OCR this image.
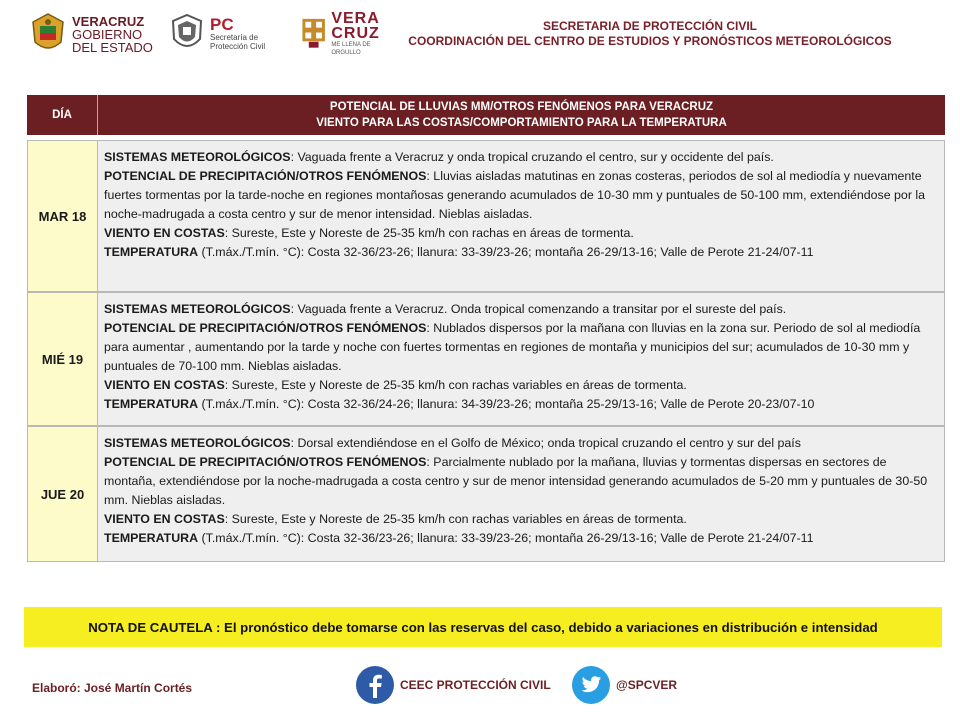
VERACRUZ
GOBIERNO
DEL ESTADO
PC
Secretaría de
Protección Civil
VERA
CRUZ
ME LLENA DE ORGULLO
SECRETARIA DE PROTECCIÓN CIVIL
COORDINACIÓN DEL CENTRO DE ESTUDIOS Y PRONÓSTICOS METEOROLÓGICOS
DÍA
POTENCIAL DE LLUVIAS MM/OTROS FENÓMENOS PARA VERACRUZ
VIENTO PARA LAS COSTAS/COMPORTAMIENTO PARA LA TEMPERATURA
MAR 18

SISTEMAS METEOROLÓGICOS: Vaguada frente a Veracruz y onda tropical cruzando el centro, sur y occidente del país.

POTENCIAL DE PRECIPITACIÓN/OTROS FENÓMENOS: Lluvias aisladas matutinas en zonas costeras, periodos de sol al mediodía y nuevamente fuertes tormentas por la tarde-noche en regiones montañosas generando acumulados de 10-30 mm y puntuales de 50-100 mm, extendiéndose por la noche-madrugada a costa centro y sur de menor intensidad. Nieblas aisladas.

VIENTO EN COSTAS: Sureste, Este y Noreste de 25-35 km/h con rachas en áreas de tormenta.

TEMPERATURA (T.máx./T.mín. °C): Costa 32-36/23-26; llanura: 33-39/23-26; montaña 26-29/13-16; Valle de Perote 21-24/07-11

MIÉ 19

SISTEMAS METEOROLÓGICOS: Vaguada frente a Veracruz. Onda tropical comenzando a transitar por el sureste del país.

POTENCIAL DE PRECIPITACIÓN/OTROS FENÓMENOS: Nublados dispersos por la mañana con lluvias en la zona sur. Periodo de sol al mediodía para aumentar , aumentando por la tarde y noche con fuertes tormentas en regiones de montaña y municipios del sur; acumulados de 10-30 mm y puntuales de 70-100 mm. Nieblas aisladas.

VIENTO EN COSTAS: Sureste, Este y Noreste de 25-35 km/h con rachas variables en áreas de tormenta.

TEMPERATURA (T.máx./T.mín. °C): Costa 32-36/24-26; llanura: 34-39/23-26; montaña 25-29/13-16; Valle de Perote 20-23/07-10

JUE 20

SISTEMAS METEOROLÓGICOS: Dorsal extendiéndose en el Golfo de México; onda tropical cruzando el centro y sur del país

POTENCIAL DE PRECIPITACIÓN/OTROS FENÓMENOS: Parcialmente nublado por la mañana, lluvias y tormentas dispersas en sectores de montaña, extendiéndose por la noche-madrugada a costa centro y sur de menor intensidad generando acumulados de 5-20 mm y puntuales de 30-50 mm. Nieblas aisladas.

VIENTO EN COSTAS: Sureste, Este y Noreste de 25-35 km/h con rachas variables en áreas de tormenta.

TEMPERATURA (T.máx./T.mín. °C): Costa 32-36/23-26; llanura: 33-39/23-26; montaña 26-29/13-16; Valle de Perote 21-24/07-11

NOTA DE CAUTELA : El pronóstico debe tomarse con las reservas del caso, debido a variaciones en distribución e intensidad
Elaboró: José Martín Cortés	CEEC PROTECCIÓN CIVIL	@SPCVER
